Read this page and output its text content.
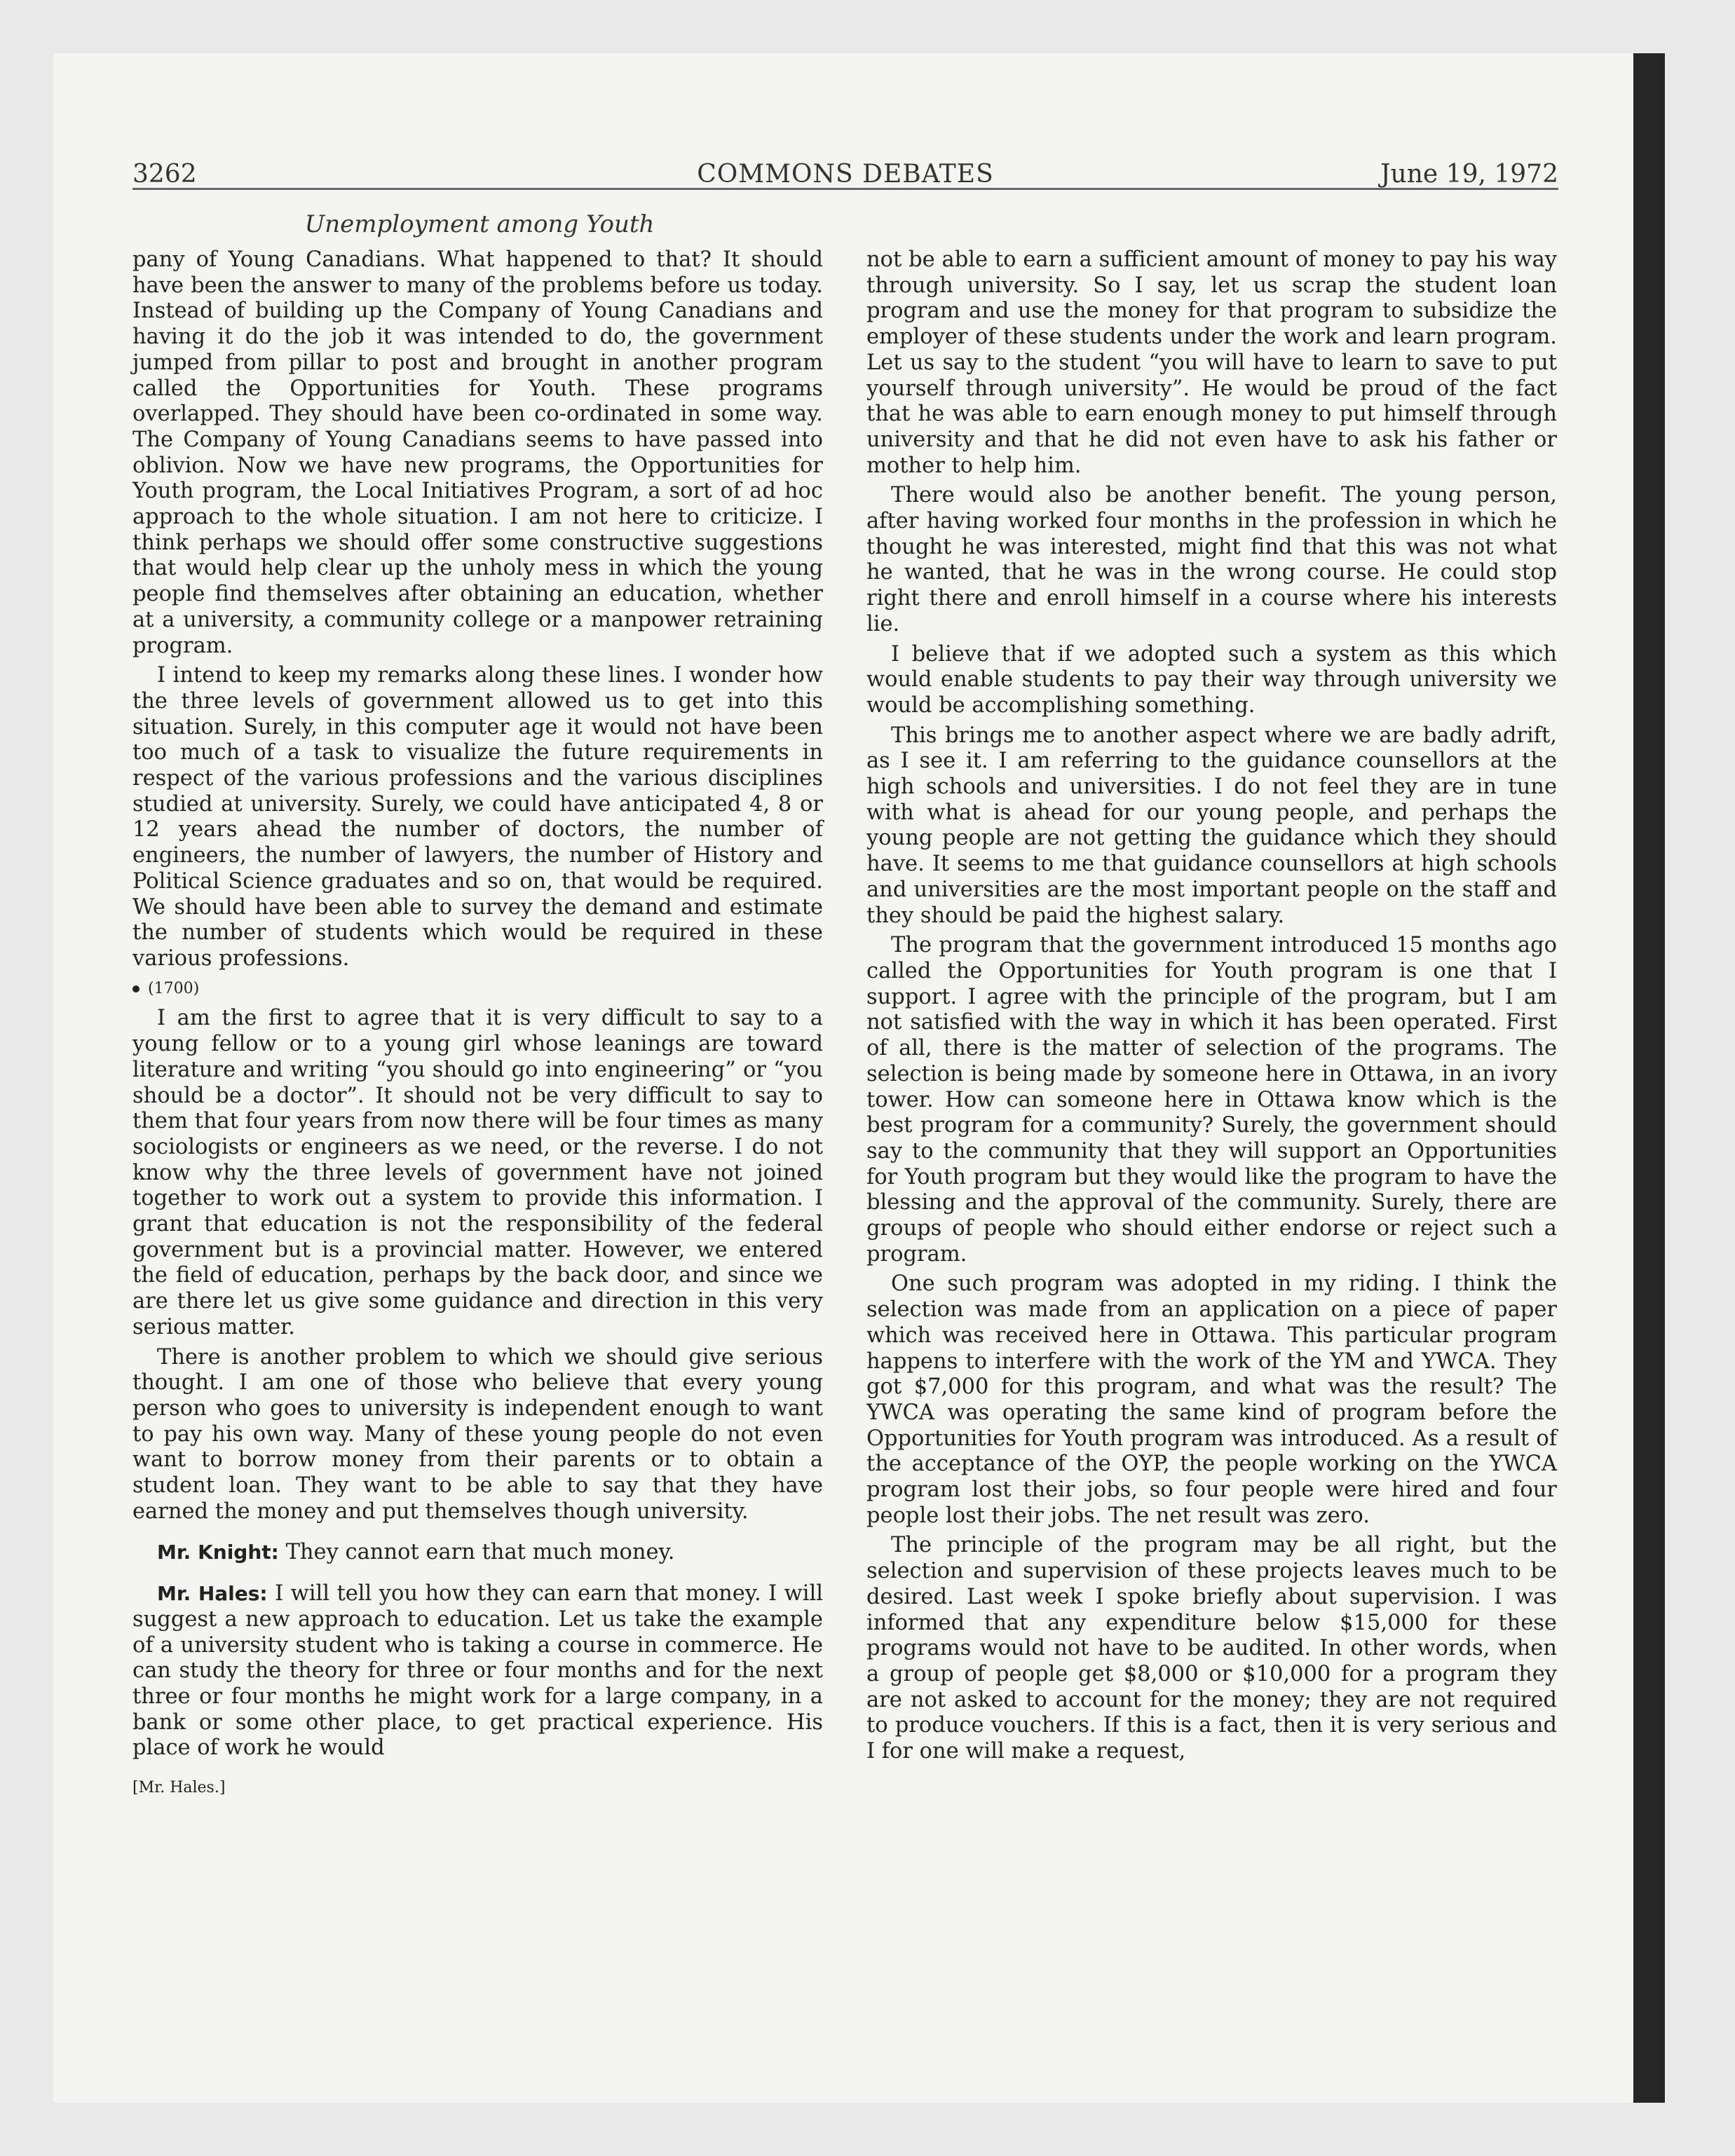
3262	COMMONS DEBATES	June 19, 1972
Unemployment among Youth

pany of Young Canadians. What happened to that? It should have been the answer to many of the problems before us today. Instead of building up the Company of Young Canadians and having it do the job it was intended to do, the government jumped from pillar to post and brought in another program called the Opportunities for Youth. These programs overlapped. They should have been co-ordinated in some way. The Company of Young Canadians seems to have passed into oblivion. Now we have new programs, the Opportunities for Youth program, the Local Initiatives Program, a sort of ad hoc approach to the whole situation. I am not here to criticize. I think perhaps we should offer some constructive suggestions that would help clear up the unholy mess in which the young people find themselves after obtaining an education, whether at a university, a community college or a manpower retraining program.

I intend to keep my remarks along these lines. I wonder how the three levels of government allowed us to get into this situation. Surely, in this computer age it would not have been too much of a task to visualize the future requirements in respect of the various professions and the various disciplines studied at university. Surely, we could have anticipated 4, 8 or 12 years ahead the number of doctors, the number of engineers, the number of lawyers, the number of History and Political Science graduates and so on, that would be required. We should have been able to survey the demand and estimate the number of students which would be required in these various professions.

(1700)

I am the first to agree that it is very difficult to say to a young fellow or to a young girl whose leanings are toward literature and writing “you should go into engineering” or “you should be a doctor”. It should not be very difficult to say to them that four years from now there will be four times as many sociologists or engineers as we need, or the reverse. I do not know why the three levels of government have not joined together to work out a system to provide this information. I grant that education is not the responsibility of the federal government but is a provincial matter. However, we entered the field of education, perhaps by the back door, and since we are there let us give some guidance and direction in this very serious matter.

There is another problem to which we should give serious thought. I am one of those who believe that every young person who goes to university is independent enough to want to pay his own way. Many of these young people do not even want to borrow money from their parents or to obtain a student loan. They want to be able to say that they have earned the money and put themselves though university.

Mr. Knight: They cannot earn that much money.

Mr. Hales: I will tell you how they can earn that money. I will suggest a new approach to education. Let us take the example of a university student who is taking a course in commerce. He can study the theory for three or four months and for the next three or four months he might work for a large company, in a bank or some other place, to get practical experience. His place of work he would

[Mr. Hales.]

not be able to earn a sufficient amount of money to pay his way through university. So I say, let us scrap the student loan program and use the money for that program to subsidize the employer of these students under the work and learn program. Let us say to the student “you will have to learn to save to put yourself through university”. He would be proud of the fact that he was able to earn enough money to put himself through university and that he did not even have to ask his father or mother to help him.

There would also be another benefit. The young person, after having worked four months in the profession in which he thought he was interested, might find that this was not what he wanted, that he was in the wrong course. He could stop right there and enroll himself in a course where his interests lie.

I believe that if we adopted such a system as this which would enable students to pay their way through university we would be accomplishing something.

This brings me to another aspect where we are badly adrift, as I see it. I am referring to the guidance counsellors at the high schools and universities. I do not feel they are in tune with what is ahead for our young people, and perhaps the young people are not getting the guidance which they should have. It seems to me that guidance counsellors at high schools and universities are the most important people on the staff and they should be paid the highest salary.

The program that the government introduced 15 months ago called the Opportunities for Youth program is one that I support. I agree with the principle of the program, but I am not satisfied with the way in which it has been operated. First of all, there is the matter of selection of the programs. The selection is being made by someone here in Ottawa, in an ivory tower. How can someone here in Ottawa know which is the best program for a community? Surely, the government should say to the community that they will support an Opportunities for Youth program but they would like the program to have the blessing and the approval of the community. Surely, there are groups of people who should either endorse or reject such a program.

One such program was adopted in my riding. I think the selection was made from an application on a piece of paper which was received here in Ottawa. This particular program happens to interfere with the work of the YM and YWCA. They got $7,000 for this program, and what was the result? The YWCA was operating the same kind of program before the Opportunities for Youth program was introduced. As a result of the acceptance of the OYP, the people working on the YWCA program lost their jobs, so four people were hired and four people lost their jobs. The net result was zero.

The principle of the program may be all right, but the selection and supervision of these projects leaves much to be desired. Last week I spoke briefly about supervision. I was informed that any expenditure below $15,000 for these programs would not have to be audited. In other words, when a group of people get $8,000 or $10,000 for a program they are not asked to account for the money; they are not required to produce vouchers. If this is a fact, then it is very serious and I for one will make a request,
